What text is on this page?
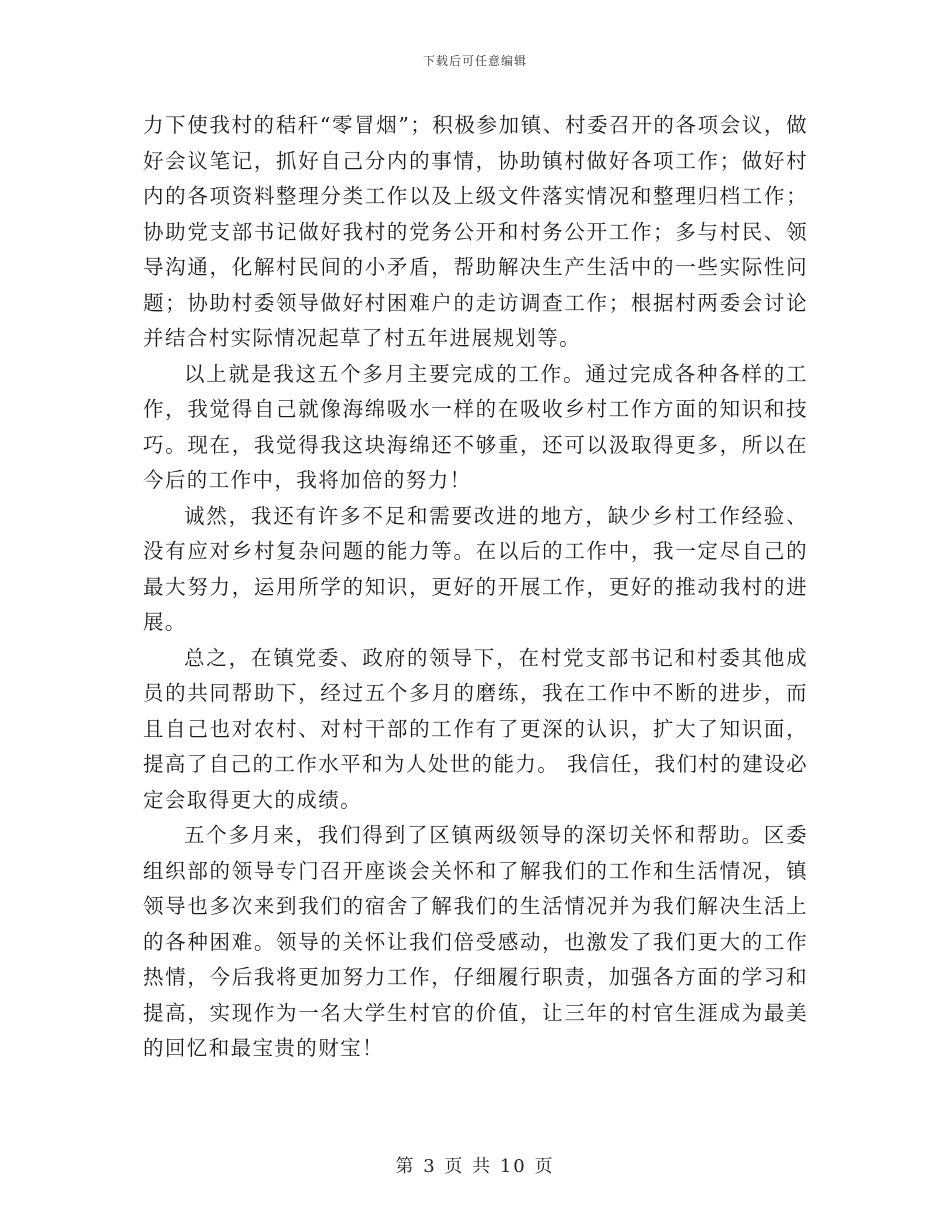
下载后可任意编辑

力下使我村的秸秆“零冒烟”；积极参加镇、村委召开的各项会议，做好会议笔记，抓好自己分内的事情，协助镇村做好各项工作；做好村内的各项资料整理分类工作以及上级文件落实情况和整理归档工作；协助党支部书记做好我村的党务公开和村务公开工作；多与村民、领导沟通，化解村民间的小矛盾，帮助解决生产生活中的一些实际性问题；协助村委领导做好村困难户的走访调查工作；根据村两委会讨论并结合村实际情况起草了村五年进展规划等。

以上就是我这五个多月主要完成的工作。通过完成各种各样的工作，我觉得自己就像海绵吸水一样的在吸收乡村工作方面的知识和技巧。现在，我觉得我这块海绵还不够重，还可以汲取得更多，所以在今后的工作中，我将加倍的努力！

诚然，我还有许多不足和需要改进的地方，缺少乡村工作经验、没有应对乡村复杂问题的能力等。在以后的工作中，我一定尽自己的最大努力，运用所学的知识，更好的开展工作，更好的推动我村的进展。

总之，在镇党委、政府的领导下，在村党支部书记和村委其他成员的共同帮助下，经过五个多月的磨练，我在工作中不断的进步，而且自己也对农村、对村干部的工作有了更深的认识，扩大了知识面，提高了自己的工作水平和为人处世的能力。 我信任，我们村的建设必定会取得更大的成绩。

五个多月来，我们得到了区镇两级领导的深切关怀和帮助。区委组织部的领导专门召开座谈会关怀和了解我们的工作和生活情况，镇领导也多次来到我们的宿舍了解我们的生活情况并为我们解决生活上的各种困难。领导的关怀让我们倍受感动，也激发了我们更大的工作热情，今后我将更加努力工作，仔细履行职责，加强各方面的学习和提高，实现作为一名大学生村官的价值，让三年的村官生涯成为最美的回忆和最宝贵的财宝！

第 3 页 共 10 页
